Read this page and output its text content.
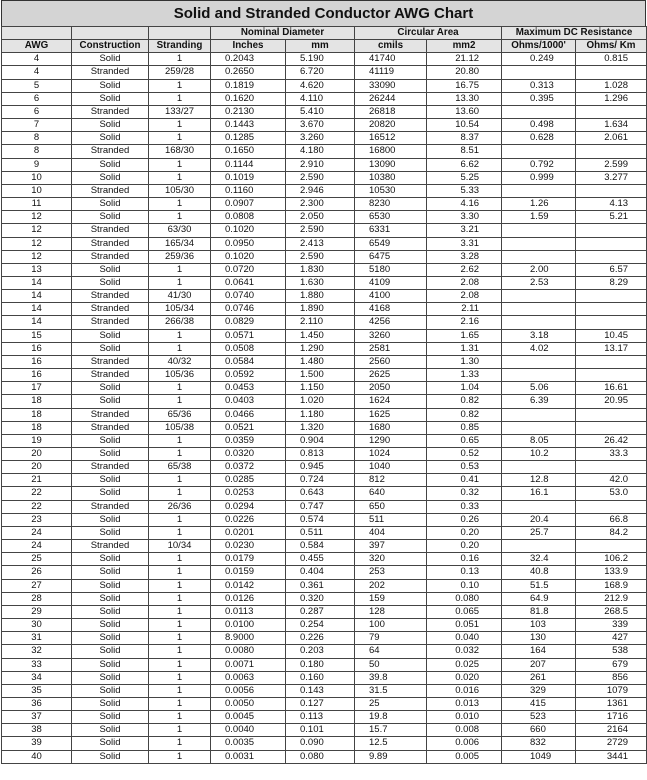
Solid and Stranded Conductor AWG Chart
			Nominal Diameter		Circular Area		Maximum DC Resistance	
AWG	Construction	Stranding	Inches	mm	cmils	mm2	Ohms/1000'	Ohms/ Km
4	Solid	1	0.2043	5.190	41740	21.12	0.249	0.815
4	Stranded	259/28	0.2650	6.720	41119	20.80		
5	Solid	1	0.1819	4.620	33090	16.75	0.313	1.028
6	Solid	1	0.1620	4.110	26244	13.30	0.395	1.296
6	Stranded	133/27	0.2130	5.410	26818	13.60		
7	Solid	1	0.1443	3.670	20820	10.54	0.498	1.634
8	Solid	1	0.1285	3.260	16512	8.37	0.628	2.061
8	Stranded	168/30	0.1650	4.180	16800	8.51		
9	Solid	1	0.1144	2.910	13090	6.62	0.792	2.599
10	Solid	1	0.1019	2.590	10380	5.25	0.999	3.277
10	Stranded	105/30	0.1160	2.946	10530	5.33		
11	Solid	1	0.0907	2.300	8230	4.16	1.26	4.13
12	Solid	1	0.0808	2.050	6530	3.30	1.59	5.21
12	Stranded	63/30	0.1020	2.590	6331	3.21		
12	Stranded	165/34	0.0950	2.413	6549	3.31		
12	Stranded	259/36	0.1020	2.590	6475	3.28		
13	Solid	1	0.0720	1.830	5180	2.62	2.00	6.57
14	Solid	1	0.0641	1.630	4109	2.08	2.53	8.29
14	Stranded	41/30	0.0740	1.880	4100	2.08		
14	Stranded	105/34	0.0746	1.890	4168	2.11		
14	Stranded	266/38	0.0829	2.110	4256	2.16		
15	Solid	1	0.0571	1.450	3260	1.65	3.18	10.45
16	Solid	1	0.0508	1.290	2581	1.31	4.02	13.17
16	Stranded	40/32	0.0584	1.480	2560	1.30		
16	Stranded	105/36	0.0592	1.500	2625	1.33		
17	Solid	1	0.0453	1.150	2050	1.04	5.06	16.61
18	Solid	1	0.0403	1.020	1624	0.82	6.39	20.95
18	Stranded	65/36	0.0466	1.180	1625	0.82		
18	Stranded	105/38	0.0521	1.320	1680	0.85		
19	Solid	1	0.0359	0.904	1290	0.65	8.05	26.42
20	Solid	1	0.0320	0.813	1024	0.52	10.2	33.3
20	Stranded	65/38	0.0372	0.945	1040	0.53		
21	Solid	1	0.0285	0.724	812	0.41	12.8	42.0
22	Solid	1	0.0253	0.643	640	0.32	16.1	53.0
22	Stranded	26/36	0.0294	0.747	650	0.33		
23	Solid	1	0.0226	0.574	511	0.26	20.4	66.8
24	Solid	1	0.0201	0.511	404	0.20	25.7	84.2
24	Stranded	10/34	0.0230	0.584	397	0.20		
25	Solid	1	0.0179	0.455	320	0.16	32.4	106.2
26	Solid	1	0.0159	0.404	253	0.13	40.8	133.9
27	Solid	1	0.0142	0.361	202	0.10	51.5	168.9
28	Solid	1	0.0126	0.320	159	0.080	64.9	212.9
29	Solid	1	0.0113	0.287	128	0.065	81.8	268.5
30	Solid	1	0.0100	0.254	100	0.051	103	339
31	Solid	1	8.9000	0.226	79	0.040	130	427
32	Solid	1	0.0080	0.203	64	0.032	164	538
33	Solid	1	0.0071	0.180	50	0.025	207	679
34	Solid	1	0.0063	0.160	39.8	0.020	261	856
35	Solid	1	0.0056	0.143	31.5	0.016	329	1079
36	Solid	1	0.0050	0.127	25	0.013	415	1361
37	Solid	1	0.0045	0.113	19.8	0.010	523	1716
38	Solid	1	0.0040	0.101	15.7	0.008	660	2164
39	Solid	1	0.0035	0.090	12.5	0.006	832	2729
40	Solid	1	0.0031	0.080	9.89	0.005	1049	3441
